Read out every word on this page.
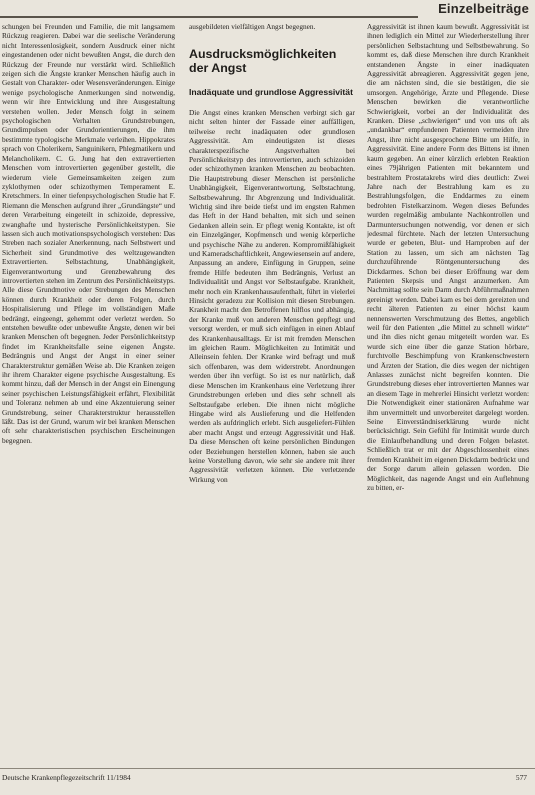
Einzelbeiträge

schungen bei Freunden und Familie, die mit langsamem Rückzug reagieren. Dabei war die seelische Veränderung nicht Interessenlosigkeit, sondern Ausdruck einer nicht eingestandenen oder nicht bewußten Angst, die durch den Rückzug der Freunde nur verstärkt wird. Schließlich zeigen sich die Ängste kranker Menschen häufig auch in Gestalt von Charakter- oder Wesensveränderungen. Einige wenige psychologische Anmerkungen sind notwendig, wenn wir ihre Entwicklung und ihre Ausgestaltung verstehen wollen. Jeder Mensch folgt in seinem psychologischen Verhalten Grundstrebungen, Grundimpulsen oder Grundorientierungen, die ihm bestimmte typologische Merkmale verleihen. Hippokrates sprach von Cholerikern, Sanguinikern, Phlegmatikern und Melancholikern. C. G. Jung hat den extravertierten Menschen vom introvertierten gegenüber gestellt, die wiederum viele Gemeinsamkeiten zeigen zum zyklothymen oder schizothymen Temperament E. Kretschmers. In einer tiefenpsychologischen Studie hat F. Riemann die Menschen aufgrund ihrer „Grundängste“ und deren Verarbeitung eingeteilt in schizoide, depressive, zwanghafte und hysterische Persönlichkeitstypen. Sie lassen sich auch motivationspsychologisch verstehen: Das Streben nach sozialer Anerkennung, nach Selbstwert und Sicherheit sind Grundmotive des weltzugewandten Extravertierten. Selbstachtung, Unabhängigkeit, Eigenverantwortung und Grenzbewahrung des introvertierten stehen im Zentrum des Persönlichkeitstyps. Alle diese Grundmotive oder Strebungen des Menschen können durch Krankheit oder deren Folgen, durch Hospitalisierung und Pflege im vollständigen Maße bedrängt, eingeengt, gehemmt oder verletzt werden. So entstehen bewußte oder unbewußte Ängste, denen wir bei kranken Menschen oft begegnen. Jeder Persönlichkeitstyp findet im Krankheitsfalle seine eigenen Ängste. Bedrängnis und Angst der Angst in einer seiner Charakterstruktur gemäßen Weise ab. Die Kranken zeigen ihr ihrem Charakter eigene psychische Ausgestaltung. Es kommt hinzu, daß der Mensch in der Angst ein Einengung seiner psychischen Leistungsfähigkeit erfährt, Flexibilität und Toleranz nehmen ab und eine Akzentuierung seiner Grundstrebung, seiner Charakterstruktur herausstellen läßt. Das ist der Grund, warum wir bei kranken Menschen oft sehr charakteristischen psychischen Erscheinungen begegnen.

ausgebildeten vielfältigen Angst begegnen.

Ausdrucksmöglichkeiten der Angst
Inadäquate und grundlose Aggressivität

Die Angst eines kranken Menschen verbirgt sich gar nicht selten hinter der Fassade einer auffälligen, teilweise recht inadäquaten oder grundlosen Aggressivität. Am eindeutigsten ist dieses charakterspezifische Angstverhalten bei Persönlichkeitstyp des introvertierten, auch schizoiden oder schizothymen kranken Menschen zu beobachten. Die Hauptstrebung dieser Menschen ist persönliche Unabhängigkeit, Eigenverantwortung, Selbstachtung, Selbstbewahrung. Ihr Abgrenzung und Individualität. Wichtig sind ihre beide tiefst und im engsten Rahmen das Heft in der Hand behalten, mit sich und seinen Gedanken allein sein. Er pflegt wenig Kontakte, ist oft ein Einzelgänger, Kopfmensch und wenig körperliche und psychische Nähe zu anderen. Kompromißfähigkeit und Kameradschaftlichkeit, Angewiesensein auf andere, Anpassung an andere, Einfügung in Gruppen, seine fremde Hilfe bedeuten ihm Bedrängnis, Verlust an Individualität und Angst vor Selbstaufgabe. Krankheit, mehr noch ein Krankenhausaufenthalt, führt in vielerlei Hinsicht geradezu zur Kollision mit diesen Strebungen. Krankheit macht den Betroffenen hilflos und abhängig, der Kranke muß von anderen Menschen gepflegt und versorgt werden, er muß sich einfügen in einen Ablauf des Krankenhausalltags. Er ist mit fremden Menschen im gleichen Raum. Möglichkeiten zu Intimität und Alleinsein fehlen. Der Kranke wird befragt und muß sich offenbaren, was dem widerstrebt. Anordnungen werden über ihn verfügt. So ist es nur natürlich, daß diese Menschen im Krankenhaus eine Verletzung ihrer Grundstrebungen erleben und dies sehr schnell als Selbstaufgabe erleben. Die ihnen nicht mögliche Hingabe wird als Auslieferung und die Helfenden werden als aufdringlich erlebt. Sich ausgeliefert-Fühlen aber macht Angst und erzeugt Aggressivität und Haß. Da diese Menschen oft keine persönlichen Bindungen oder Beziehungen herstellen können, haben sie auch keine Vorstellung davon, wie sehr sie andere mit ihrer Aggressivität verletzen können. Die verletzende Wirkung von

Aggressivität ist ihnen kaum bewußt. Aggressivität ist ihnen lediglich ein Mittel zur Wiederherstellung ihrer persönlichen Selbstachtung und Selbstbewahrung. So kommt es, daß diese Menschen ihre durch Krankheit entstandenen Ängste in einer inadäquaten Aggressivität abreagieren. Aggressivität gegen jene, die am nächsten sind, die sie bestätigen, die sie umsorgen. Angehörige, Ärzte und Pflegende. Diese Menschen bewirken die verantwortliche Schwierigkeit, vorbei an der Individualität des Kranken. Diese „schwierigen“ und von uns oft als „undankbar“ empfundenen Patienten vermeiden ihre Angst, ihre nicht ausgesprochene Bitte um Hilfe, in Aggressivität. Eine andere Form des Bittens ist ihnen kaum gegeben. An einer kürzlich erlebten Reaktion eines 79jährigen Patienten mit bekanntem und bestrahltem Prostatakrebs wird dies deutlich: Zwei Jahre nach der Bestrahlung kam es zu Bestrahlungsfolgen, die Enddarmes zu einem bedrohten Fistelkarzinom. Wegen dieses Befundes wurden regelmäßig ambulante Nachkontrollen und Darmuntersuchungen notwendig, vor denen er sich jedesmal fürchtete. Nach der letzten Untersuchung wurde er gebeten, Blut- und Harnproben auf der Station zu lassen, um sich am nächsten Tag durchzuführende Röntgenuntersuchung des Dickdarmes. Schon bei dieser Eröffnung war dem Patienten Skepsis und Angst anzumerken. Am Nachmittag sollte sein Darm durch Abführmaßnahmen gereinigt werden. Dabei kam es bei dem gereizten und recht älteren Patienten zu einer höchst kaum nennenswerten Verschmutzung des Bettes, angeblich weil für den Patienten „die Mittel zu schnell wirkte“ und ihn dies nicht genau mitgeteilt worden war. Es wurde sich eine über die ganze Station hörbare, furchtvolle Beschimpfung von Krankenschwestern und Ärzten der Station, die dies wegen der nichtigen Anlasses zunächst nicht begreifen konnten. Die Grundstrebung dieses eher introvertierten Mannes war an diesem Tage in mehrerlei Hinsicht verletzt worden: Die Notwendigkeit einer stationären Aufnahme war ihm unvermittelt und unvorbereitet dargelegt worden. Seine Einverständniserklärung wurde nicht berücksichtigt. Sein Gefühl für Intimität wurde durch die Einlaufbehandlung und deren Folgen belastet. Schließlich trat er mit der Abgeschlossenheit eines fremden Krankheit im eigenen Dickdarm bedrückt und der Sorge darum allein gelassen worden. Die Möglichkeit, das nagende Angst und ein Auflehnung zu bitten, er-

Deutsche Krankenpflegezeitschrift 11/1984	577
